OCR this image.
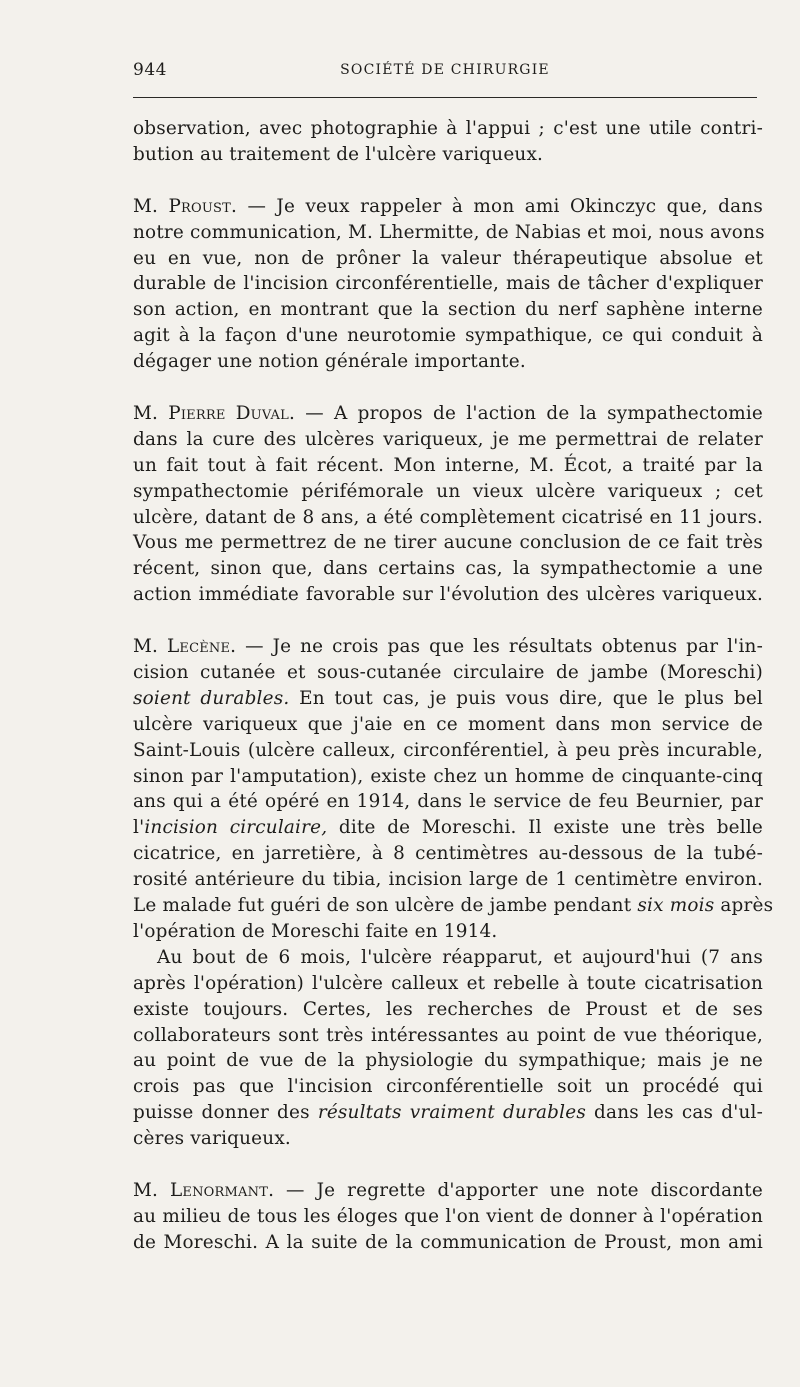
944	SOCIÉTÉ DE CHIRURGIE
observation, avec photographie à l'appui ; c'est une utile contri-
bution au traitement de l'ulcère variqueux.
M. Proust. — Je veux rappeler à mon ami Okinczyc que, dans
notre communication, M. Lhermitte, de Nabias et moi, nous avons
eu en vue, non de prôner la valeur thérapeutique absolue et
durable de l'incision circonférentielle, mais de tâcher d'expliquer
son action, en montrant que la section du nerf saphène interne
agit à la façon d'une neurotomie sympathique, ce qui conduit à
dégager une notion générale importante.
M. Pierre Duval. — A propos de l'action de la sympathectomie
dans la cure des ulcères variqueux, je me permettrai de relater
un fait tout à fait récent. Mon interne, M. Écot, a traité par la
sympathectomie périfémorale un vieux ulcère variqueux ; cet
ulcère, datant de 8 ans, a été complètement cicatrisé en 11 jours.
Vous me permettrez de ne tirer aucune conclusion de ce fait très
récent, sinon que, dans certains cas, la sympathectomie a une
action immédiate favorable sur l'évolution des ulcères variqueux.
M. Lecène. — Je ne crois pas que les résultats obtenus par l'in-
cision cutanée et sous-cutanée circulaire de jambe (Moreschi)
soient durables. En tout cas, je puis vous dire, que le plus bel
ulcère variqueux que j'aie en ce moment dans mon service de
Saint-Louis (ulcère calleux, circonférentiel, à peu près incurable,
sinon par l'amputation), existe chez un homme de cinquante-cinq
ans qui a été opéré en 1914, dans le service de feu Beurnier, par
l'incision circulaire, dite de Moreschi. Il existe une très belle
cicatrice, en jarretière, à 8 centimètres au-dessous de la tubé-
rosité antérieure du tibia, incision large de 1 centimètre environ.
Le malade fut guéri de son ulcère de jambe pendant six mois après
l'opération de Moreschi faite en 1914.
Au bout de 6 mois, l'ulcère réapparut, et aujourd'hui (7 ans
après l'opération) l'ulcère calleux et rebelle à toute cicatrisation
existe toujours. Certes, les recherches de Proust et de ses
collaborateurs sont très intéressantes au point de vue théorique,
au point de vue de la physiologie du sympathique; mais je ne
crois pas que l'incision circonférentielle soit un procédé qui
puisse donner des résultats vraiment durables dans les cas d'ul-
cères variqueux.
M. Lenormant. — Je regrette d'apporter une note discordante
au milieu de tous les éloges que l'on vient de donner à l'opération
de Moreschi. A la suite de la communication de Proust, mon ami
